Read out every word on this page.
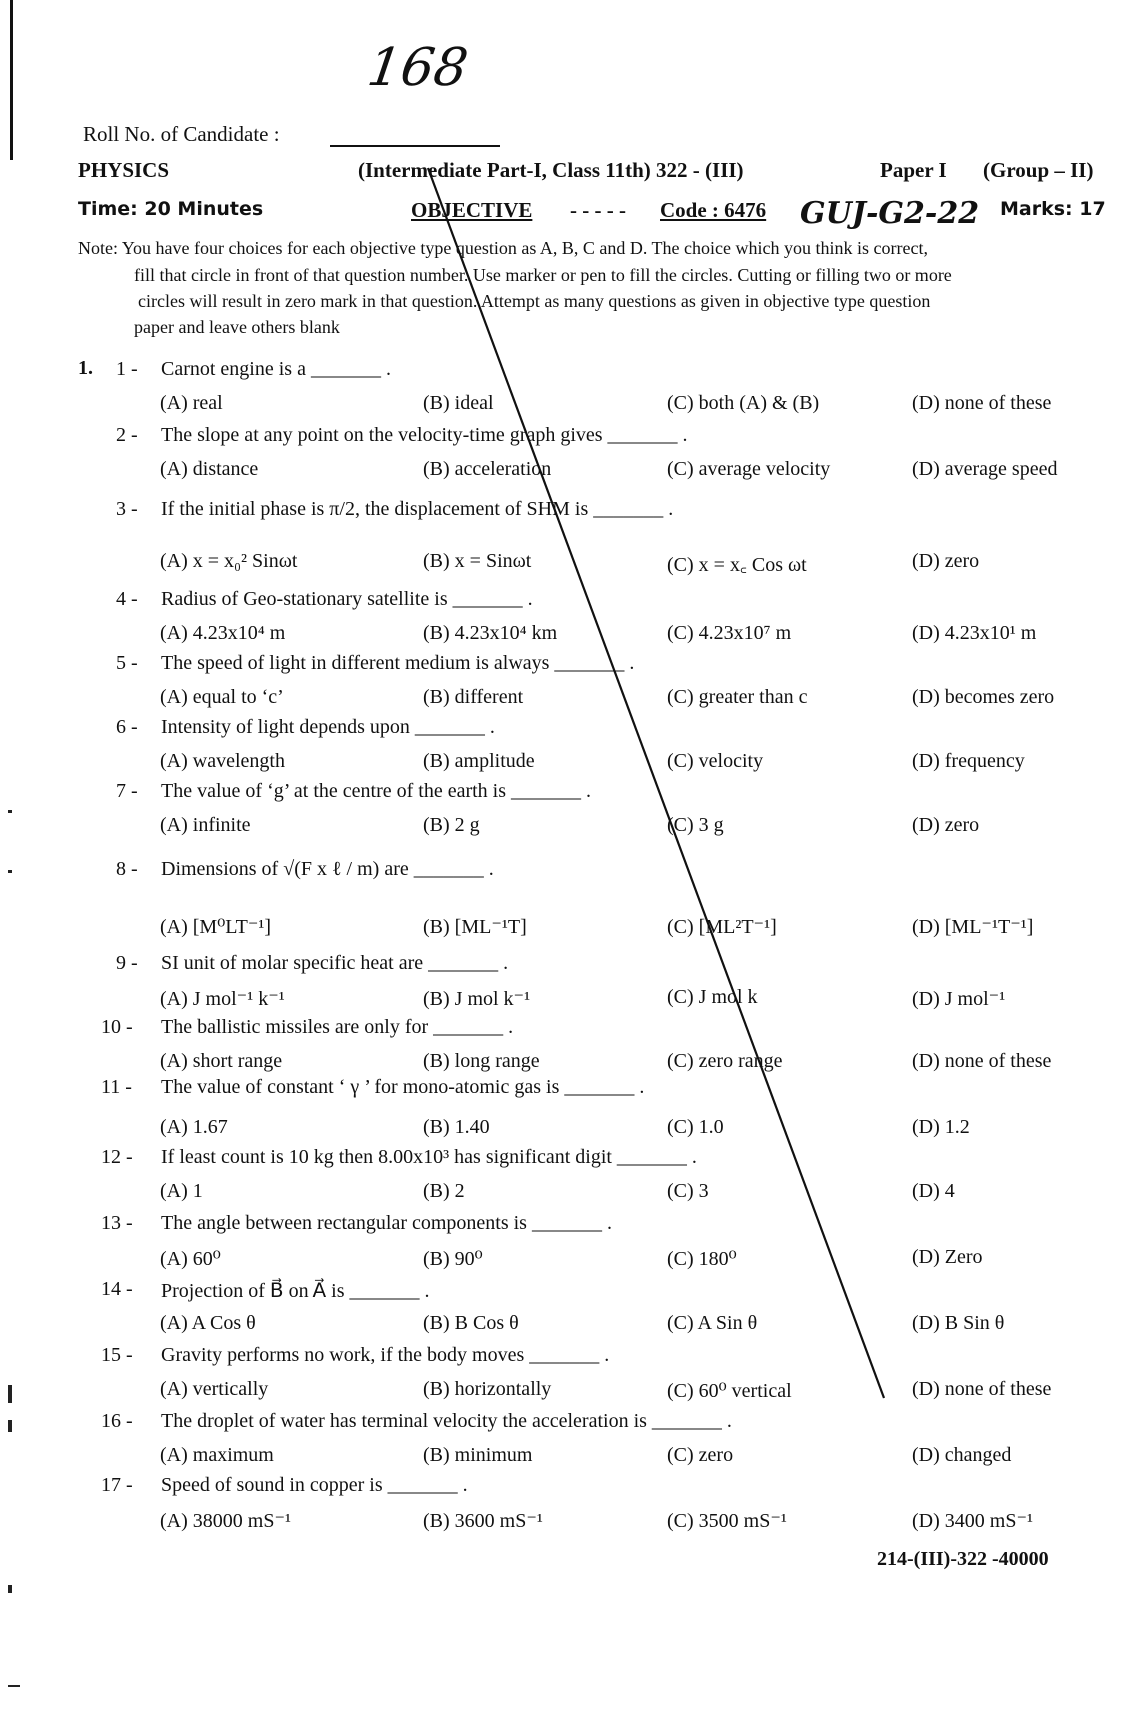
168
Roll No. of Candidate :
PHYSICS	(Intermediate Part-I, Class 11th) 322 - (III)	Paper I (Group – II)
Time: 20 Minutes	OBJECTIVE - - - - - Code : 6476 GUJ-G2-22 Marks: 17
Note: You have four choices for each objective type question as A, B, C and D. The choice which you think is correct,
fill that circle in front of that question number. Use marker or pen to fill the circles. Cutting or filling two or more
circles will result in zero mark in that question. Attempt as many questions as given in objective type question
paper and leave others blank
1. 1 - Carnot engine is a _______ .
(A) real	(B) ideal	(C) both (A) & (B)	(D) none of these
2 - The slope at any point on the velocity-time graph gives _______ .
(A) distance	(B) acceleration	(C) average velocity	(D) average speed
3 - If the initial phase is π/2, the displacement of SHM is _______ .
(A) x = x₀² Sinωt	(B) x = Sinωt	(C) x = x꜀ Cos ωt	(D) zero
4 - Radius of Geo-stationary satellite is _______ .
(A) 4.23x10⁴ m	(B) 4.23x10⁴ km	(C) 4.23x10⁷ m	(D) 4.23x10¹ m
5 - The speed of light in different medium is always _______ .
(A) equal to ‘c’	(B) different	(C) greater than c	(D) becomes zero
6 - Intensity of light depends upon _______ .
(A) wavelength	(B) amplitude	(C) velocity	(D) frequency
7 - The value of ‘g’ at the centre of the earth is _______ .
(A) infinite	(B) 2 g	(C) 3 g	(D) zero
8 - Dimensions of √(F x ℓ / m) are _______ .
(A) [M⁰LT⁻¹]	(B) [ML⁻¹T]	(C) [ML²T⁻¹]	(D) [ML⁻¹T⁻¹]
9 - SI unit of molar specific heat are _______ .
(A) J mol⁻¹ k⁻¹	(B) J mol k⁻¹	(C) J mol k	(D) J mol⁻¹
10 - The ballistic missiles are only for _______ .
(A) short range	(B) long range	(C) zero range	(D) none of these
11 - The value of constant ‘ γ ’ for mono-atomic gas is _______ .
(A) 1.67	(B) 1.40	(C) 1.0	(D) 1.2
12 - If least count is 10 kg then 8.00x10³ has significant digit _______ .
(A) 1	(B) 2	(C) 3	(D) 4
13 - The angle between rectangular components is _______ .
(A) 60⁰	(B) 90⁰	(C) 180⁰	(D) Zero
14 - Projection of B⃗ on A⃗ is _______ .
(A) A Cos θ	(B) B Cos θ	(C) A Sin θ	(D) B Sin θ
15 - Gravity performs no work, if the body moves _______ .
(A) vertically	(B) horizontally	(C) 60⁰ vertical	(D) none of these
16 - The droplet of water has terminal velocity the acceleration is _______ .
(A) maximum	(B) minimum	(C) zero	(D) changed
17 - Speed of sound in copper is _______ .
(A) 38000 mS⁻¹	(B) 3600 mS⁻¹	(C) 3500 mS⁻¹	(D) 3400 mS⁻¹
214-(III)-322 -40000
